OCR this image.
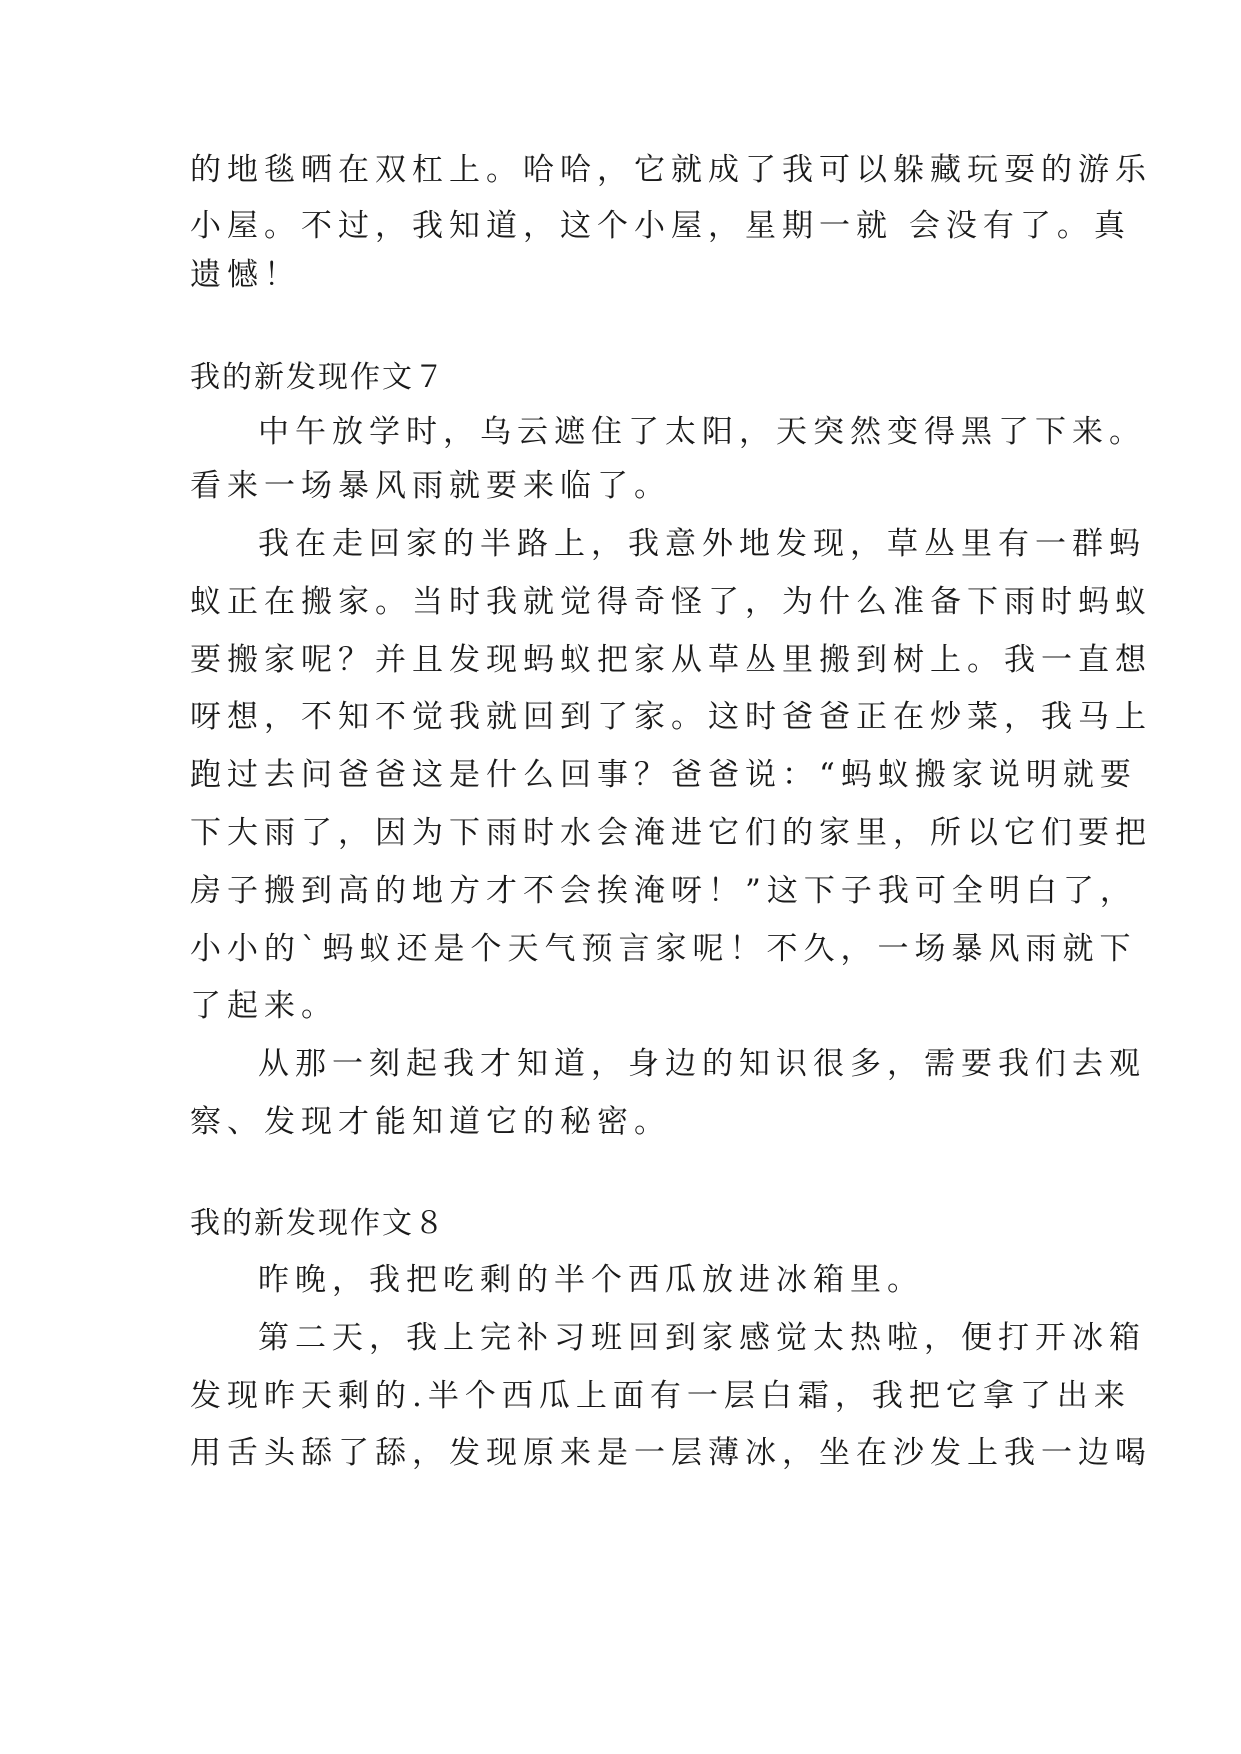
的地毯晒在双杠上。哈哈，它就成了我可以躲藏玩耍的游乐
小屋。不过，我知道，这个小屋，星期一就 会没有了。真
遗憾！
我的新发现作文７
中午放学时，乌云遮住了太阳，天突然变得黑了下来。
看来一场暴风雨就要来临了。
我在走回家的半路上，我意外地发现，草丛里有一群蚂
蚁正在搬家。当时我就觉得奇怪了，为什么准备下雨时蚂蚁
要搬家呢？并且发现蚂蚁把家从草丛里搬到树上。我一直想
呀想，不知不觉我就回到了家。这时爸爸正在炒菜，我马上
跑过去问爸爸这是什么回事？爸爸说：“蚂蚁搬家说明就要
下大雨了，因为下雨时水会淹进它们的家里，所以它们要把
房子搬到高的地方才不会挨淹呀！”这下子我可全明白了，
小小的`蚂蚁还是个天气预言家呢！不久，一场暴风雨就下
了起来。
从那一刻起我才知道，身边的知识很多，需要我们去观
察、发现才能知道它的秘密。
我的新发现作文８
昨晚，我把吃剩的半个西瓜放进冰箱里。
第二天，我上完补习班回到家感觉太热啦，便打开冰箱
发现昨天剩的.半个西瓜上面有一层白霜，我把它拿了出来
用舌头舔了舔，发现原来是一层薄冰，坐在沙发上我一边喝
